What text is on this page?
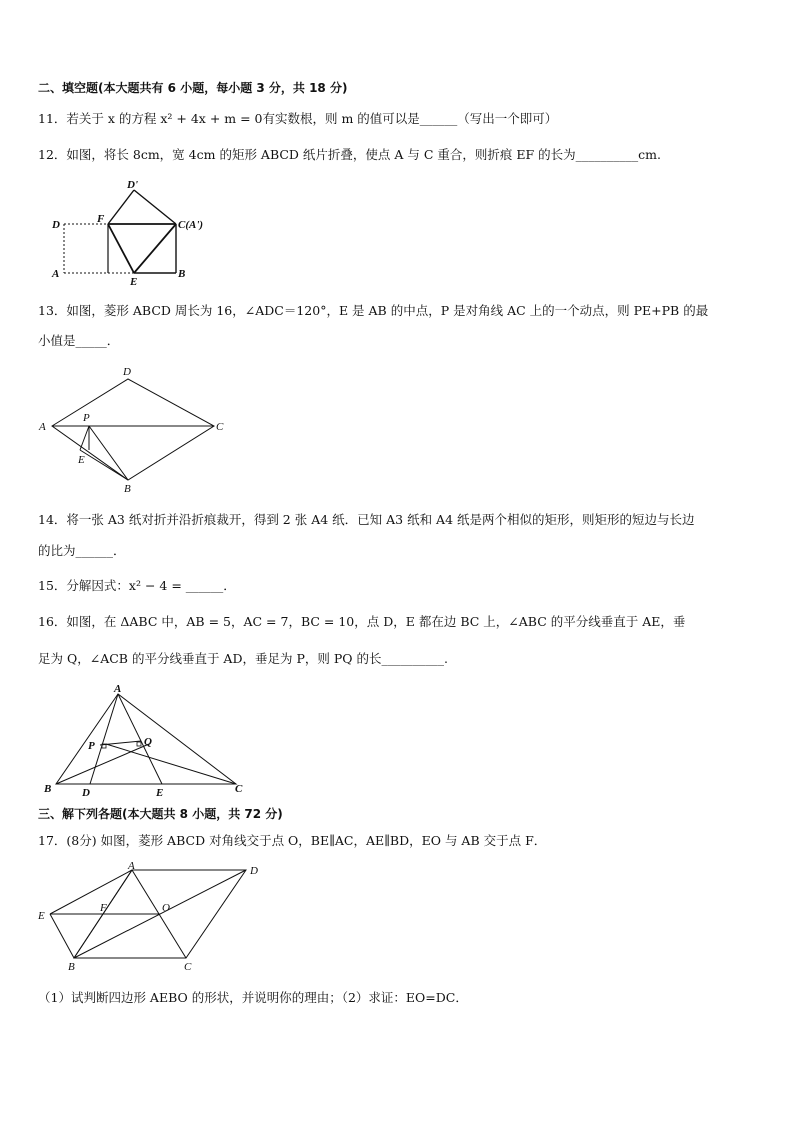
二、填空题(本大题共有 6 小题，每小题 3 分，共 18 分)
11．若关于 x 的方程 x² + 4x + m = 0有实数根，则 m 的值可以是______（写出一个即可）
12．如图，将长 8cm，宽 4cm 的矩形 ABCD 纸片折叠，使点 A 与 C 重合，则折痕 EF 的长为__________cm.
D
D'
F	C(A')
A
E
B
13．如图，菱形 ABCD 周长为 16，∠ADC＝120°，E 是 AB 的中点，P 是对角线 AC 上的一个动点，则 PE+PB 的最
小值是_____．
A
D
C
B
P
E
14．将一张 A3 纸对折并沿折痕裁开，得到 2 张 A4 纸．已知 A3 纸和 A4 纸是两个相似的矩形，则矩形的短边与长边
的比为______．
15．分解因式：x² − 4 = ______．
16．如图，在 ΔABC 中，AB = 5，AC = 7，BC = 10，点 D，E 都在边 BC 上，∠ABC 的平分线垂直于 AE，垂
足为 Q，∠ACB 的平分线垂直于 AD，垂足为 P，则 PQ 的长__________.
A
P	Q
B	D	E	C
三、解下列各题(本大题共 8 小题，共 72 分)
17．(8分) 如图，菱形 ABCD 对角线交于点 O，BE∥AC，AE∥BD，EO 与 AB 交于点 F．
A	D
E
F	O
B	C
（1）试判断四边形 AEBO 的形状，并说明你的理由；（2）求证：EO=DC．
